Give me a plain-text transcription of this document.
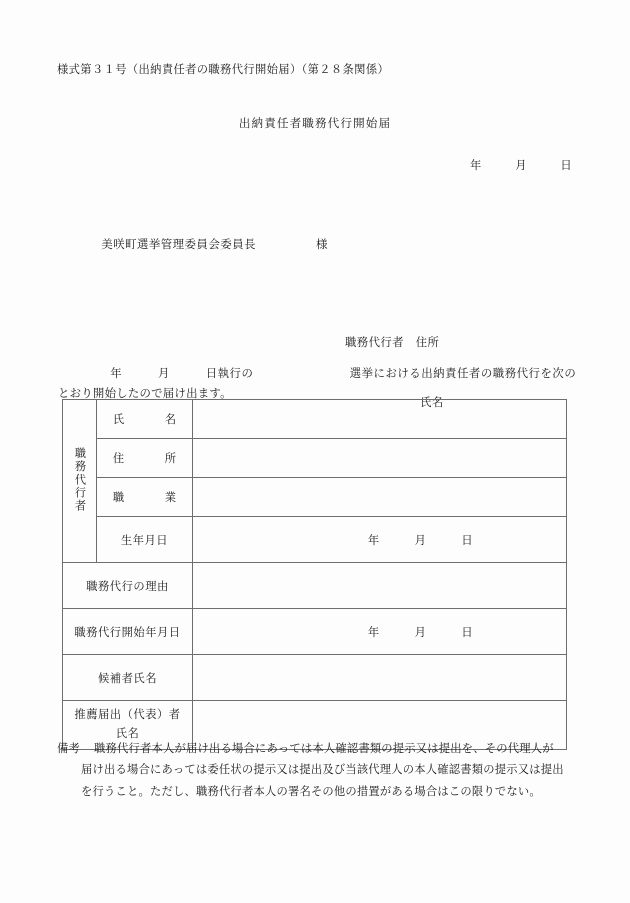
様式第３１号（出納責任者の職務代行開始届）（第２８条関係）
出納責任者職務代行開始届
年　　　月　　　日

美咲町選挙管理委員会委員長	様

職務代行者　 住所

氏名

年　　　月　　　日執行の	選挙における出納責任者の職務代行を次のとおり開始したので届け出ます。
職務代行者	氏　　名	
	住　　所	
	職　　業	
	生年月日	年　　　月　　　日
職務代行の理由		
職務代行開始年月日		年　　　月　　　日
候補者氏名		

推薦届出（代表）者
氏名		

備考 職務代行者本人が届け出る場合にあっては本人確認書類の提示又は提出を、その代理人が
届け出る場合にあっては委任状の提示又は提出及び当該代理人の本人確認書類の提示又は提出
を行うこと。ただし、職務代行者本人の署名その他の措置がある場合はこの限りでない。
